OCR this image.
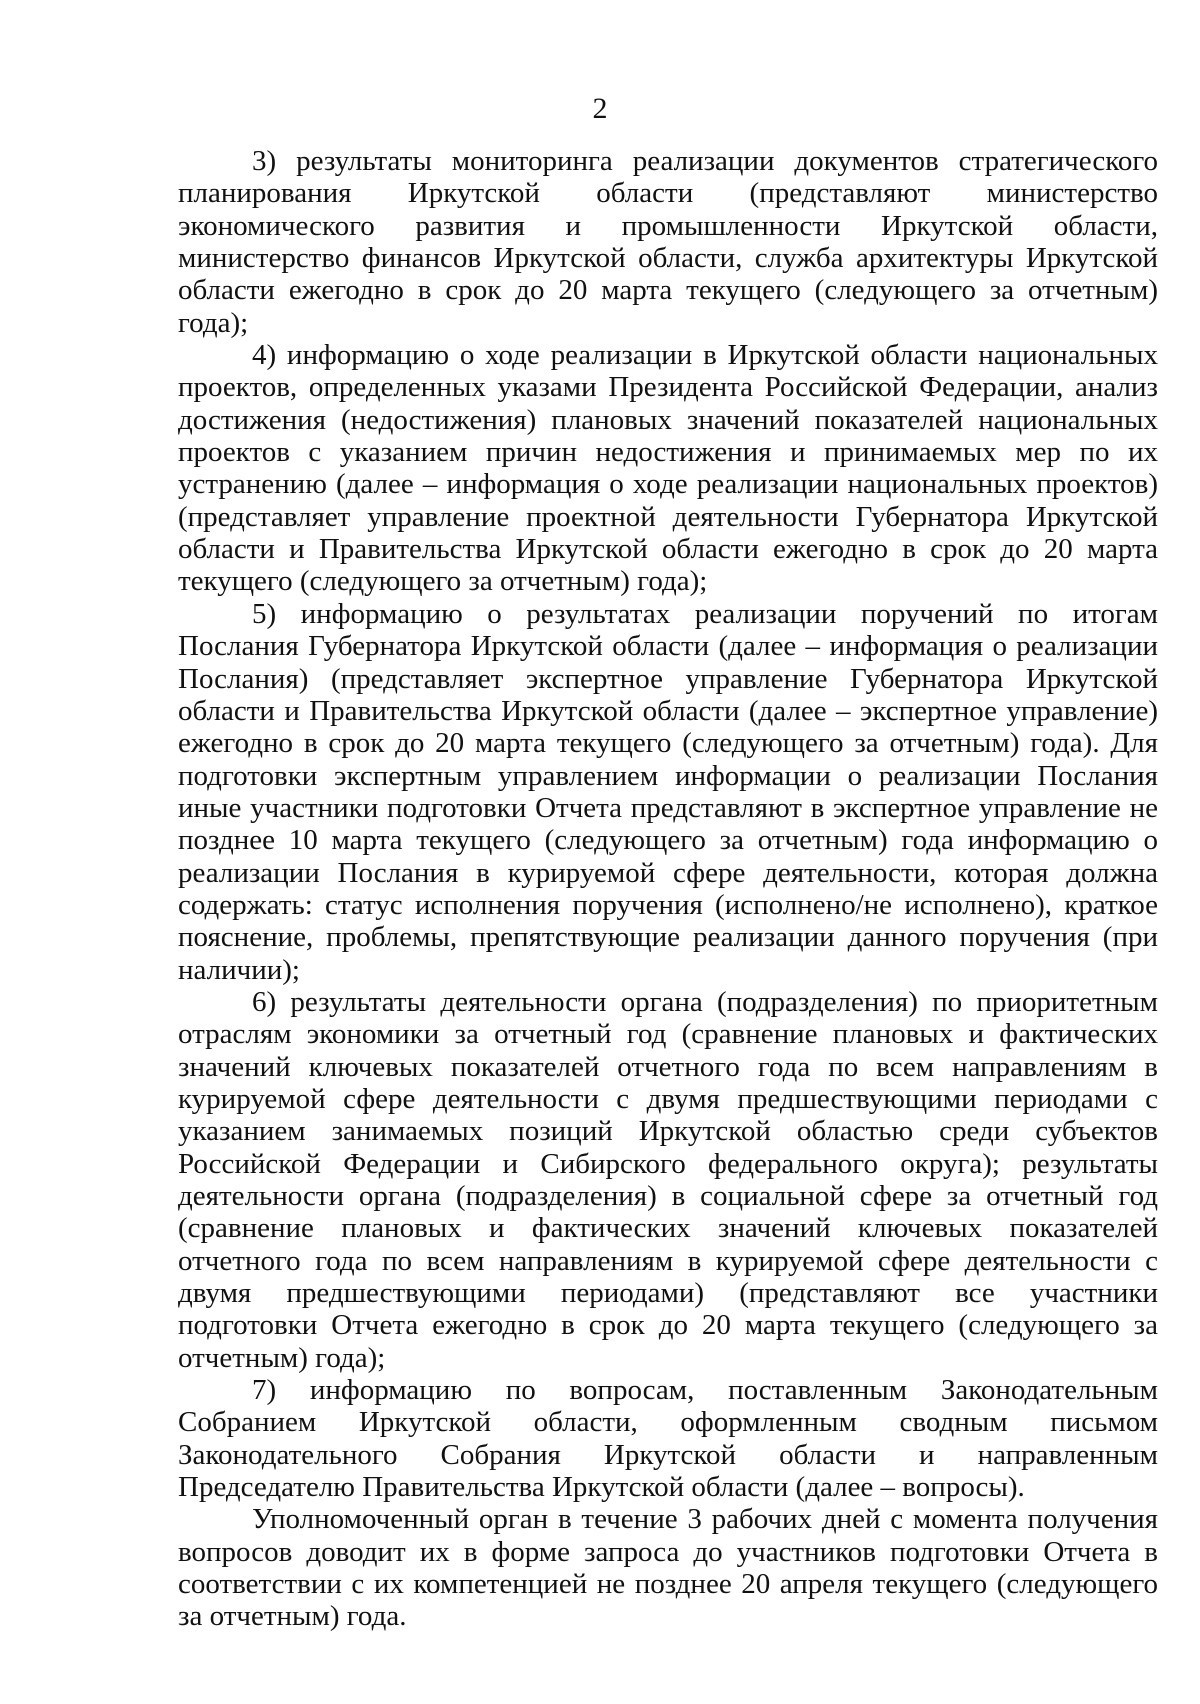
2

3) результаты мониторинга реализации документов стратегического планирования Иркутской области (представляют министерство экономического развития и промышленности Иркутской области, министерство финансов Иркутской области, служба архитектуры Иркутской области ежегодно в срок до 20 марта текущего (следующего за отчетным) года);

4) информацию о ходе реализации в Иркутской области национальных проектов, определенных указами Президента Российской Федерации, анализ достижения (недостижения) плановых значений показателей национальных проектов с указанием причин недостижения и принимаемых мер по их устранению (далее – информация о ходе реализации национальных проектов) (представляет управление проектной деятельности Губернатора Иркутской области и Правительства Иркутской области ежегодно в срок до 20 марта текущего (следующего за отчетным) года);

5) информацию о результатах реализации поручений по итогам Послания Губернатора Иркутской области (далее – информация о реализации Послания) (представляет экспертное управление Губернатора Иркутской области и Правительства Иркутской области (далее – экспертное управление) ежегодно в срок до 20 марта текущего (следующего за отчетным) года). Для подготовки экспертным управлением информации о реализации Послания иные участники подготовки Отчета представляют в экспертное управление не позднее 10 марта текущего (следующего за отчетным) года информацию о реализации Послания в курируемой сфере деятельности, которая должна содержать: статус исполнения поручения (исполнено/не исполнено), краткое пояснение, проблемы, препятствующие реализации данного поручения (при наличии);

6) результаты деятельности органа (подразделения) по приоритетным отраслям экономики за отчетный год (сравнение плановых и фактических значений ключевых показателей отчетного года по всем направлениям в курируемой сфере деятельности с двумя предшествующими периодами с указанием занимаемых позиций Иркутской областью среди субъектов Российской Федерации и Сибирского федерального округа); результаты деятельности органа (подразделения) в социальной сфере за отчетный год (сравнение плановых и фактических значений ключевых показателей отчетного года по всем направлениям в курируемой сфере деятельности с двумя предшествующими периодами) (представляют все участники подготовки Отчета ежегодно в срок до 20 марта текущего (следующего за отчетным) года);

7) информацию по вопросам, поставленным Законодательным Собранием Иркутской области, оформленным сводным письмом Законодательного Собрания Иркутской области и направленным Председателю Правительства Иркутской области (далее – вопросы).

Уполномоченный орган в течение 3 рабочих дней с момента получения вопросов доводит их в форме запроса до участников подготовки Отчета в соответствии с их компетенцией не позднее 20 апреля текущего (следующего за отчетным) года.
